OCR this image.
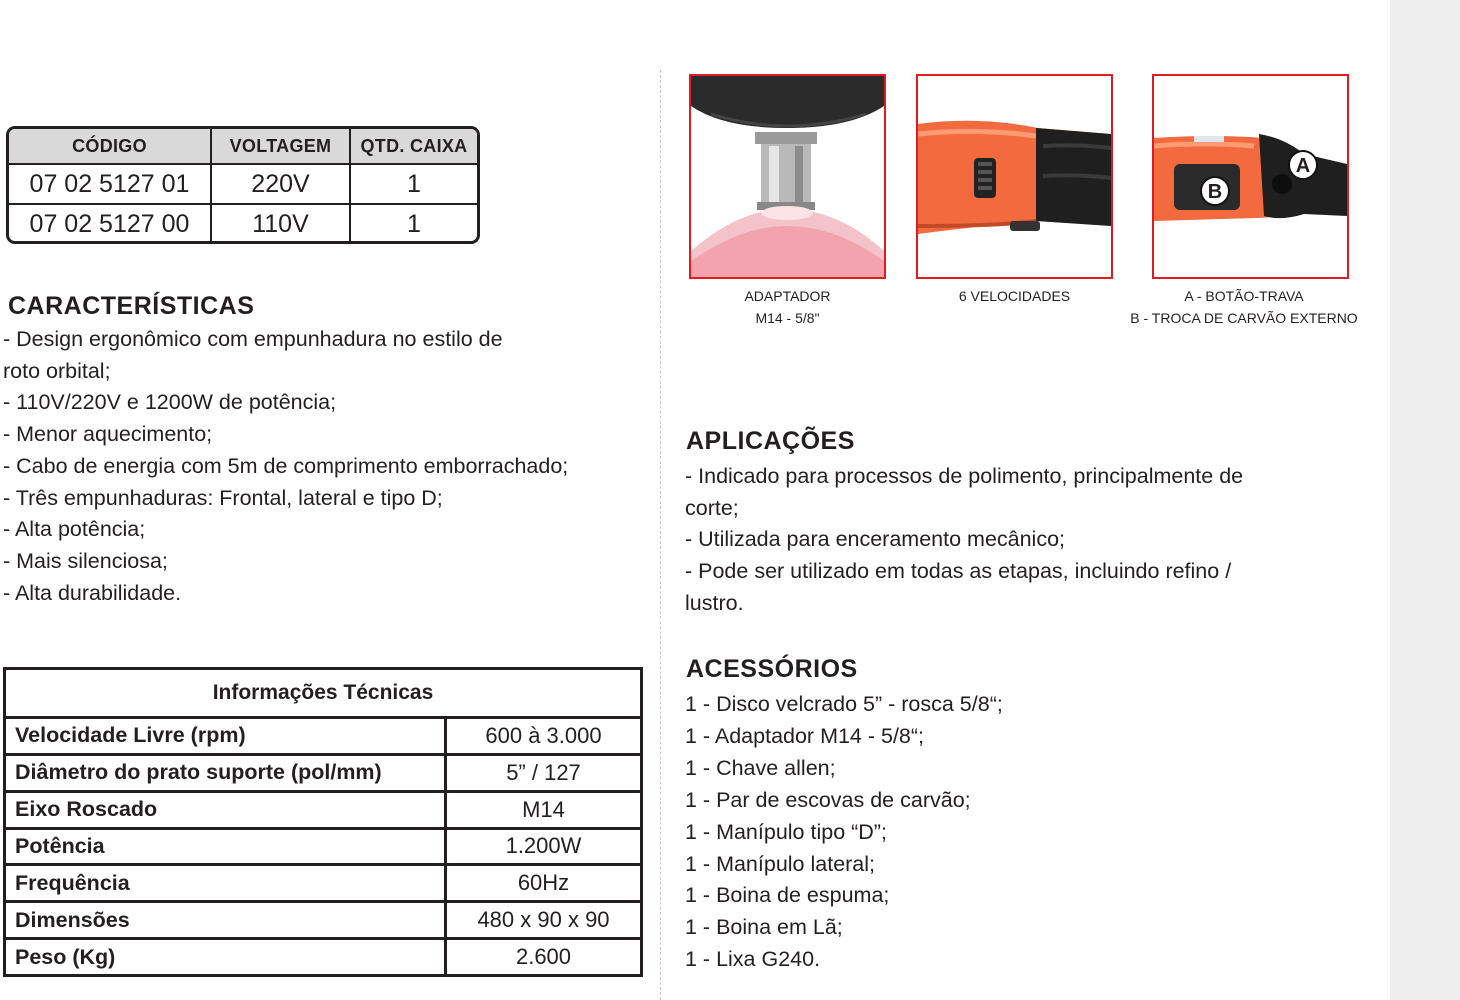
CÓDIGO	VOLTAGEM	QTD. CAIXA
07 02 5127 01	220V	1
07 02 5127 00	110V	1
CARACTERÍSTICAS
- Design ergonômico com empunhadura no estilo de
roto orbital;
- 110V/220V e 1200W de potência;
- Menor aquecimento;
- Cabo de energia com 5m de comprimento emborrachado;
- Três empunhaduras: Frontal, lateral e tipo D;
- Alta potência;
- Mais silenciosa;
- Alta durabilidade.
Informações Técnicas	
Velocidade Livre (rpm)	600 à 3.000
Diâmetro do prato suporte (pol/mm)	5” / 127
Eixo Roscado	M14
Potência	1.200W
Frequência	60Hz
Dimensões	480 x 90 x 90
Peso (Kg)	2.600
ADAPTADOR
M14 - 5/8"
6 VELOCIDADES
B
A
A - BOTÃO-TRAVA
B - TROCA DE CARVÃO EXTERNO
APLICAÇÕES
- Indicado para processos de polimento, principalmente de
corte;
- Utilizada para enceramento mecânico;
- Pode ser utilizado em todas as etapas, incluindo refino /
lustro.
ACESSÓRIOS
1 - Disco velcrado 5” - rosca 5/8“;
1 - Adaptador M14 - 5/8“;
1 - Chave allen;
1 - Par de escovas de carvão;
1 - Manípulo tipo “D”;
1 - Manípulo lateral;
1 - Boina de espuma;
1 - Boina em Lã;
1 - Lixa G240.
